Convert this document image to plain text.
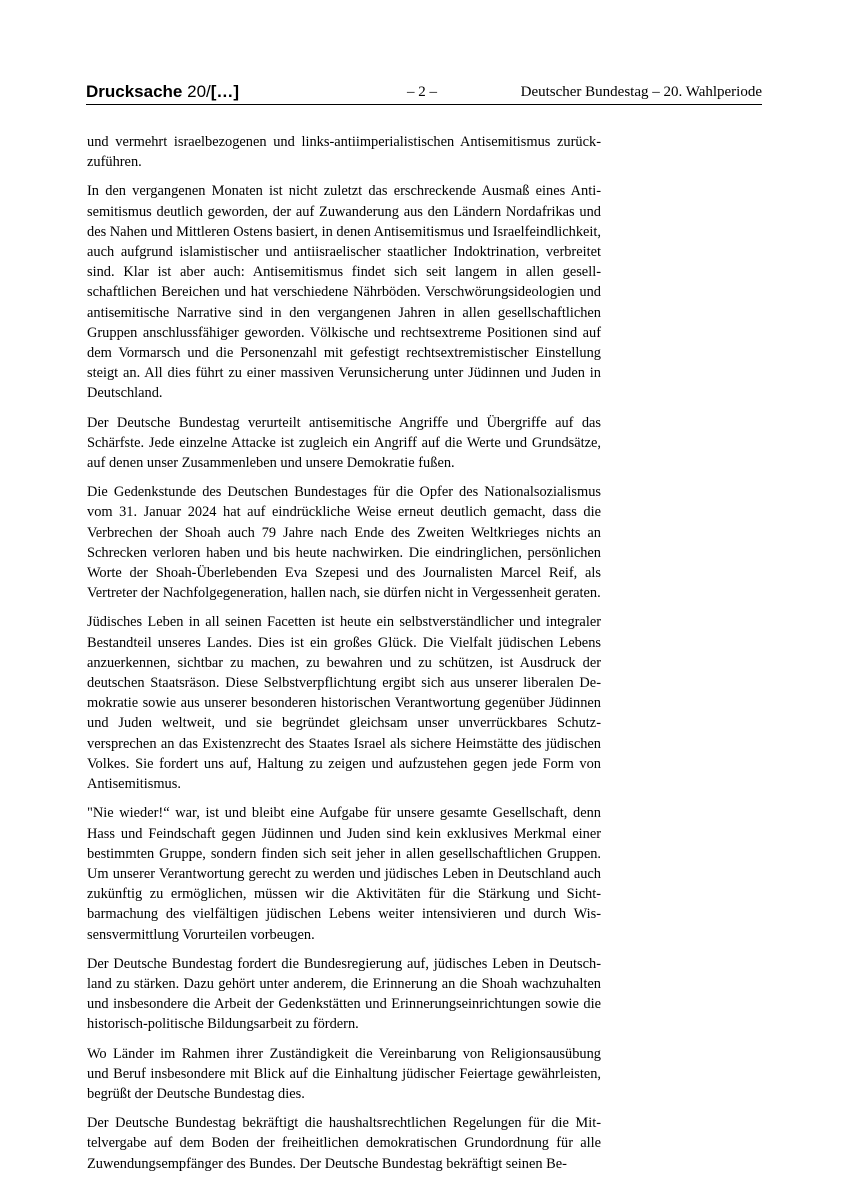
Drucksache 20/[…]	– 2 –	Deutscher Bundestag – 20. Wahlperiode

und vermehrt israelbezogenen und links-antiimperialistischen Antisemitismus zurückzuführen.

In den vergangenen Monaten ist nicht zuletzt das erschreckende Ausmaß eines Antisemitismus deutlich geworden, der auf Zuwanderung aus den Ländern Nordafrikas und des Nahen und Mittleren Ostens basiert, in denen Antisemitismus und Israelfeindlichkeit, auch aufgrund islamistischer und antiisraelischer staatlicher Indoktrination, verbreitet sind. Klar ist aber auch: Antisemitismus findet sich seit langem in allen gesellschaftlichen Bereichen und hat verschiedene Nährböden. Verschwörungsideologien und antisemitische Narrative sind in den vergangenen Jahren in allen gesellschaftlichen Gruppen anschlussfähiger geworden. Völkische und rechtsextreme Positionen sind auf dem Vormarsch und die Personenzahl mit gefestigt rechtsextremistischer Einstellung steigt an. All dies führt zu einer massiven Verunsicherung unter Jüdinnen und Juden in Deutschland.

Der Deutsche Bundestag verurteilt antisemitische Angriffe und Übergriffe auf das Schärfste. Jede einzelne Attacke ist zugleich ein Angriff auf die Werte und Grundsätze, auf denen unser Zusammenleben und unsere Demokratie fußen.

Die Gedenkstunde des Deutschen Bundestages für die Opfer des Nationalsozialismus vom 31. Januar 2024 hat auf eindrückliche Weise erneut deutlich gemacht, dass die Verbrechen der Shoah auch 79 Jahre nach Ende des Zweiten Weltkrieges nichts an Schrecken verloren haben und bis heute nachwirken. Die eindringlichen, persönlichen Worte der Shoah-Überlebenden Eva Szepesi und des Journalisten Marcel Reif, als Vertreter der Nachfolgegeneration, hallen nach, sie dürfen nicht in Vergessenheit geraten.

Jüdisches Leben in all seinen Facetten ist heute ein selbstverständlicher und integraler Bestandteil unseres Landes. Dies ist ein großes Glück. Die Vielfalt jüdischen Lebens anzuerkennen, sichtbar zu machen, zu bewahren und zu schützen, ist Ausdruck der deutschen Staatsräson. Diese Selbstverpflichtung ergibt sich aus unserer liberalen Demokratie sowie aus unserer besonderen historischen Verantwortung gegenüber Jüdinnen und Juden weltweit, und sie begründet gleichsam unser unverrückbares Schutzversprechen an das Existenzrecht des Staates Israel als sichere Heimstätte des jüdischen Volkes. Sie fordert uns auf, Haltung zu zeigen und aufzustehen gegen jede Form von Antisemitismus.

"Nie wieder!“ war, ist und bleibt eine Aufgabe für unsere gesamte Gesellschaft, denn Hass und Feindschaft gegen Jüdinnen und Juden sind kein exklusives Merkmal einer bestimmten Gruppe, sondern finden sich seit jeher in allen gesellschaftlichen Gruppen. Um unserer Verantwortung gerecht zu werden und jüdisches Leben in Deutschland auch zukünftig zu ermöglichen, müssen wir die Aktivitäten für die Stärkung und Sichtbarmachung des vielfältigen jüdischen Lebens weiter intensivieren und durch Wissensvermittlung Vorurteilen vorbeugen.

Der Deutsche Bundestag fordert die Bundesregierung auf, jüdisches Leben in Deutschland zu stärken. Dazu gehört unter anderem, die Erinnerung an die Shoah wachzuhalten und insbesondere die Arbeit der Gedenkstätten und Erinnerungseinrichtungen sowie die historisch-politische Bildungsarbeit zu fördern.

Wo Länder im Rahmen ihrer Zuständigkeit die Vereinbarung von Religionsausübung und Beruf insbesondere mit Blick auf die Einhaltung jüdischer Feiertage gewährleisten, begrüßt der Deutsche Bundestag dies.

Der Deutsche Bundestag bekräftigt die haushaltsrechtlichen Regelungen für die Mittelvergabe auf dem Boden der freiheitlichen demokratischen Grundordnung für alle Zuwendungsempfänger des Bundes. Der Deutsche Bundestag bekräftigt seinen Be-
